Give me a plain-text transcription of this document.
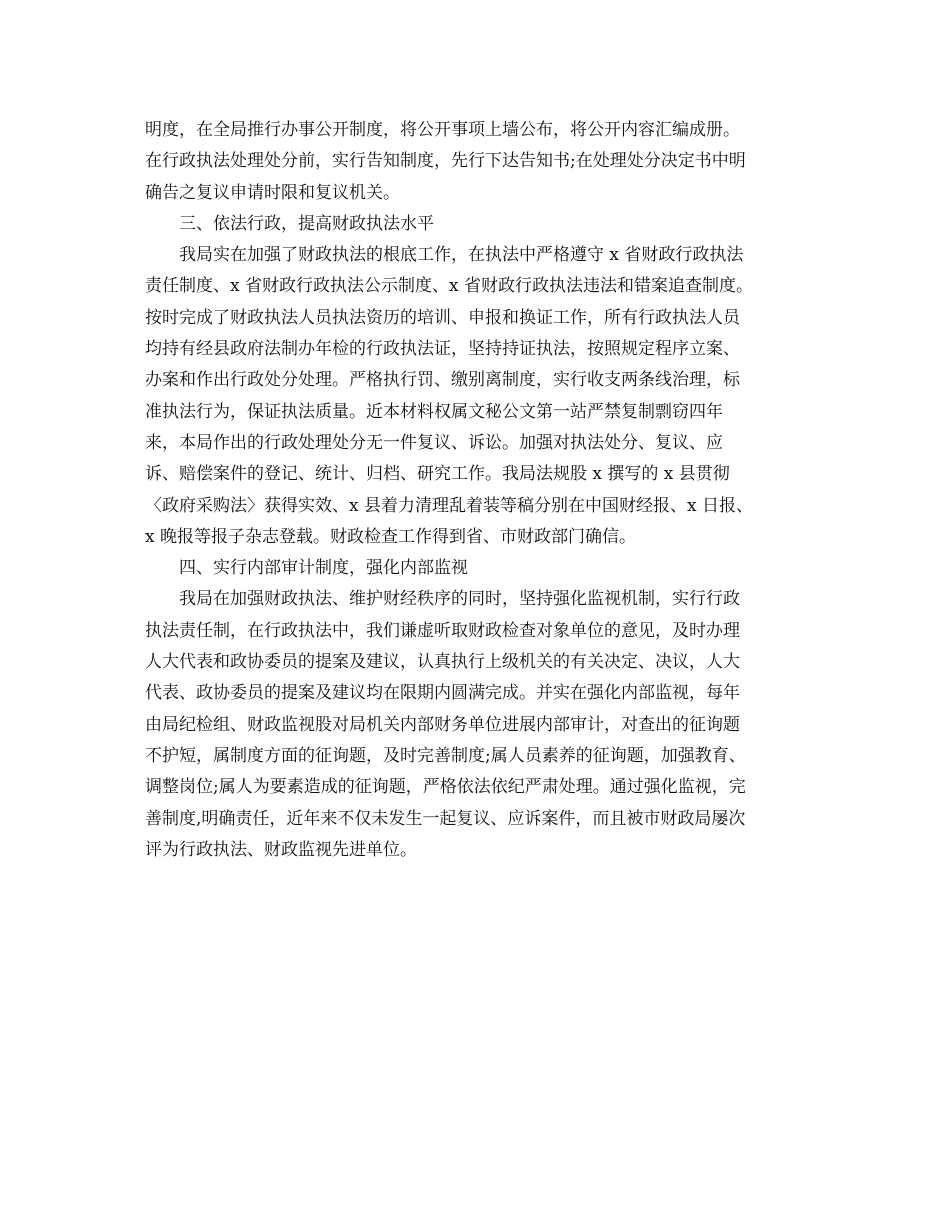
明度，在全局推行办事公开制度，将公开事项上墙公布，将公开内容汇编成册。
在行政执法处理处分前，实行告知制度，先行下达告知书;在处理处分决定书中明
确告之复议申请时限和复议机关。
三、依法行政，提高财政执法水平
我局实在加强了财政执法的根底工作，在执法中严格遵守 x 省财政行政执法
责任制度、x 省财政行政执法公示制度、x 省财政行政执法违法和错案追查制度。
按时完成了财政执法人员执法资历的培训、申报和换证工作，所有行政执法人员
均持有经县政府法制办年检的行政执法证，坚持持证执法，按照规定程序立案、
办案和作出行政处分处理。严格执行罚、缴别离制度，实行收支两条线治理，标
准执法行为，保证执法质量。近本材料权属文秘公文第一站严禁复制剽窃四年
来，本局作出的行政处理处分无一件复议、诉讼。加强对执法处分、复议、应
诉、赔偿案件的登记、统计、归档、研究工作。我局法规股 x 撰写的 x 县贯彻
〈政府采购法〉获得实效、x 县着力清理乱着装等稿分别在中国财经报、x 日报、
x 晚报等报子杂志登载。财政检查工作得到省、市财政部门确信。
四、实行内部审计制度，强化内部监视
我局在加强财政执法、维护财经秩序的同时，坚持强化监视机制，实行行政
执法责任制，在行政执法中，我们谦虚听取财政检查对象单位的意见，及时办理
人大代表和政协委员的提案及建议，认真执行上级机关的有关决定、决议，人大
代表、政协委员的提案及建议均在限期内圆满完成。并实在强化内部监视，每年
由局纪检组、财政监视股对局机关内部财务单位进展内部审计，对查出的征询题
不护短，属制度方面的征询题，及时完善制度;属人员素养的征询题，加强教育、
调整岗位;属人为要素造成的征询题，严格依法依纪严肃处理。通过强化监视，完
善制度,明确责任，近年来不仅未发生一起复议、应诉案件，而且被市财政局屡次
评为行政执法、财政监视先进单位。
